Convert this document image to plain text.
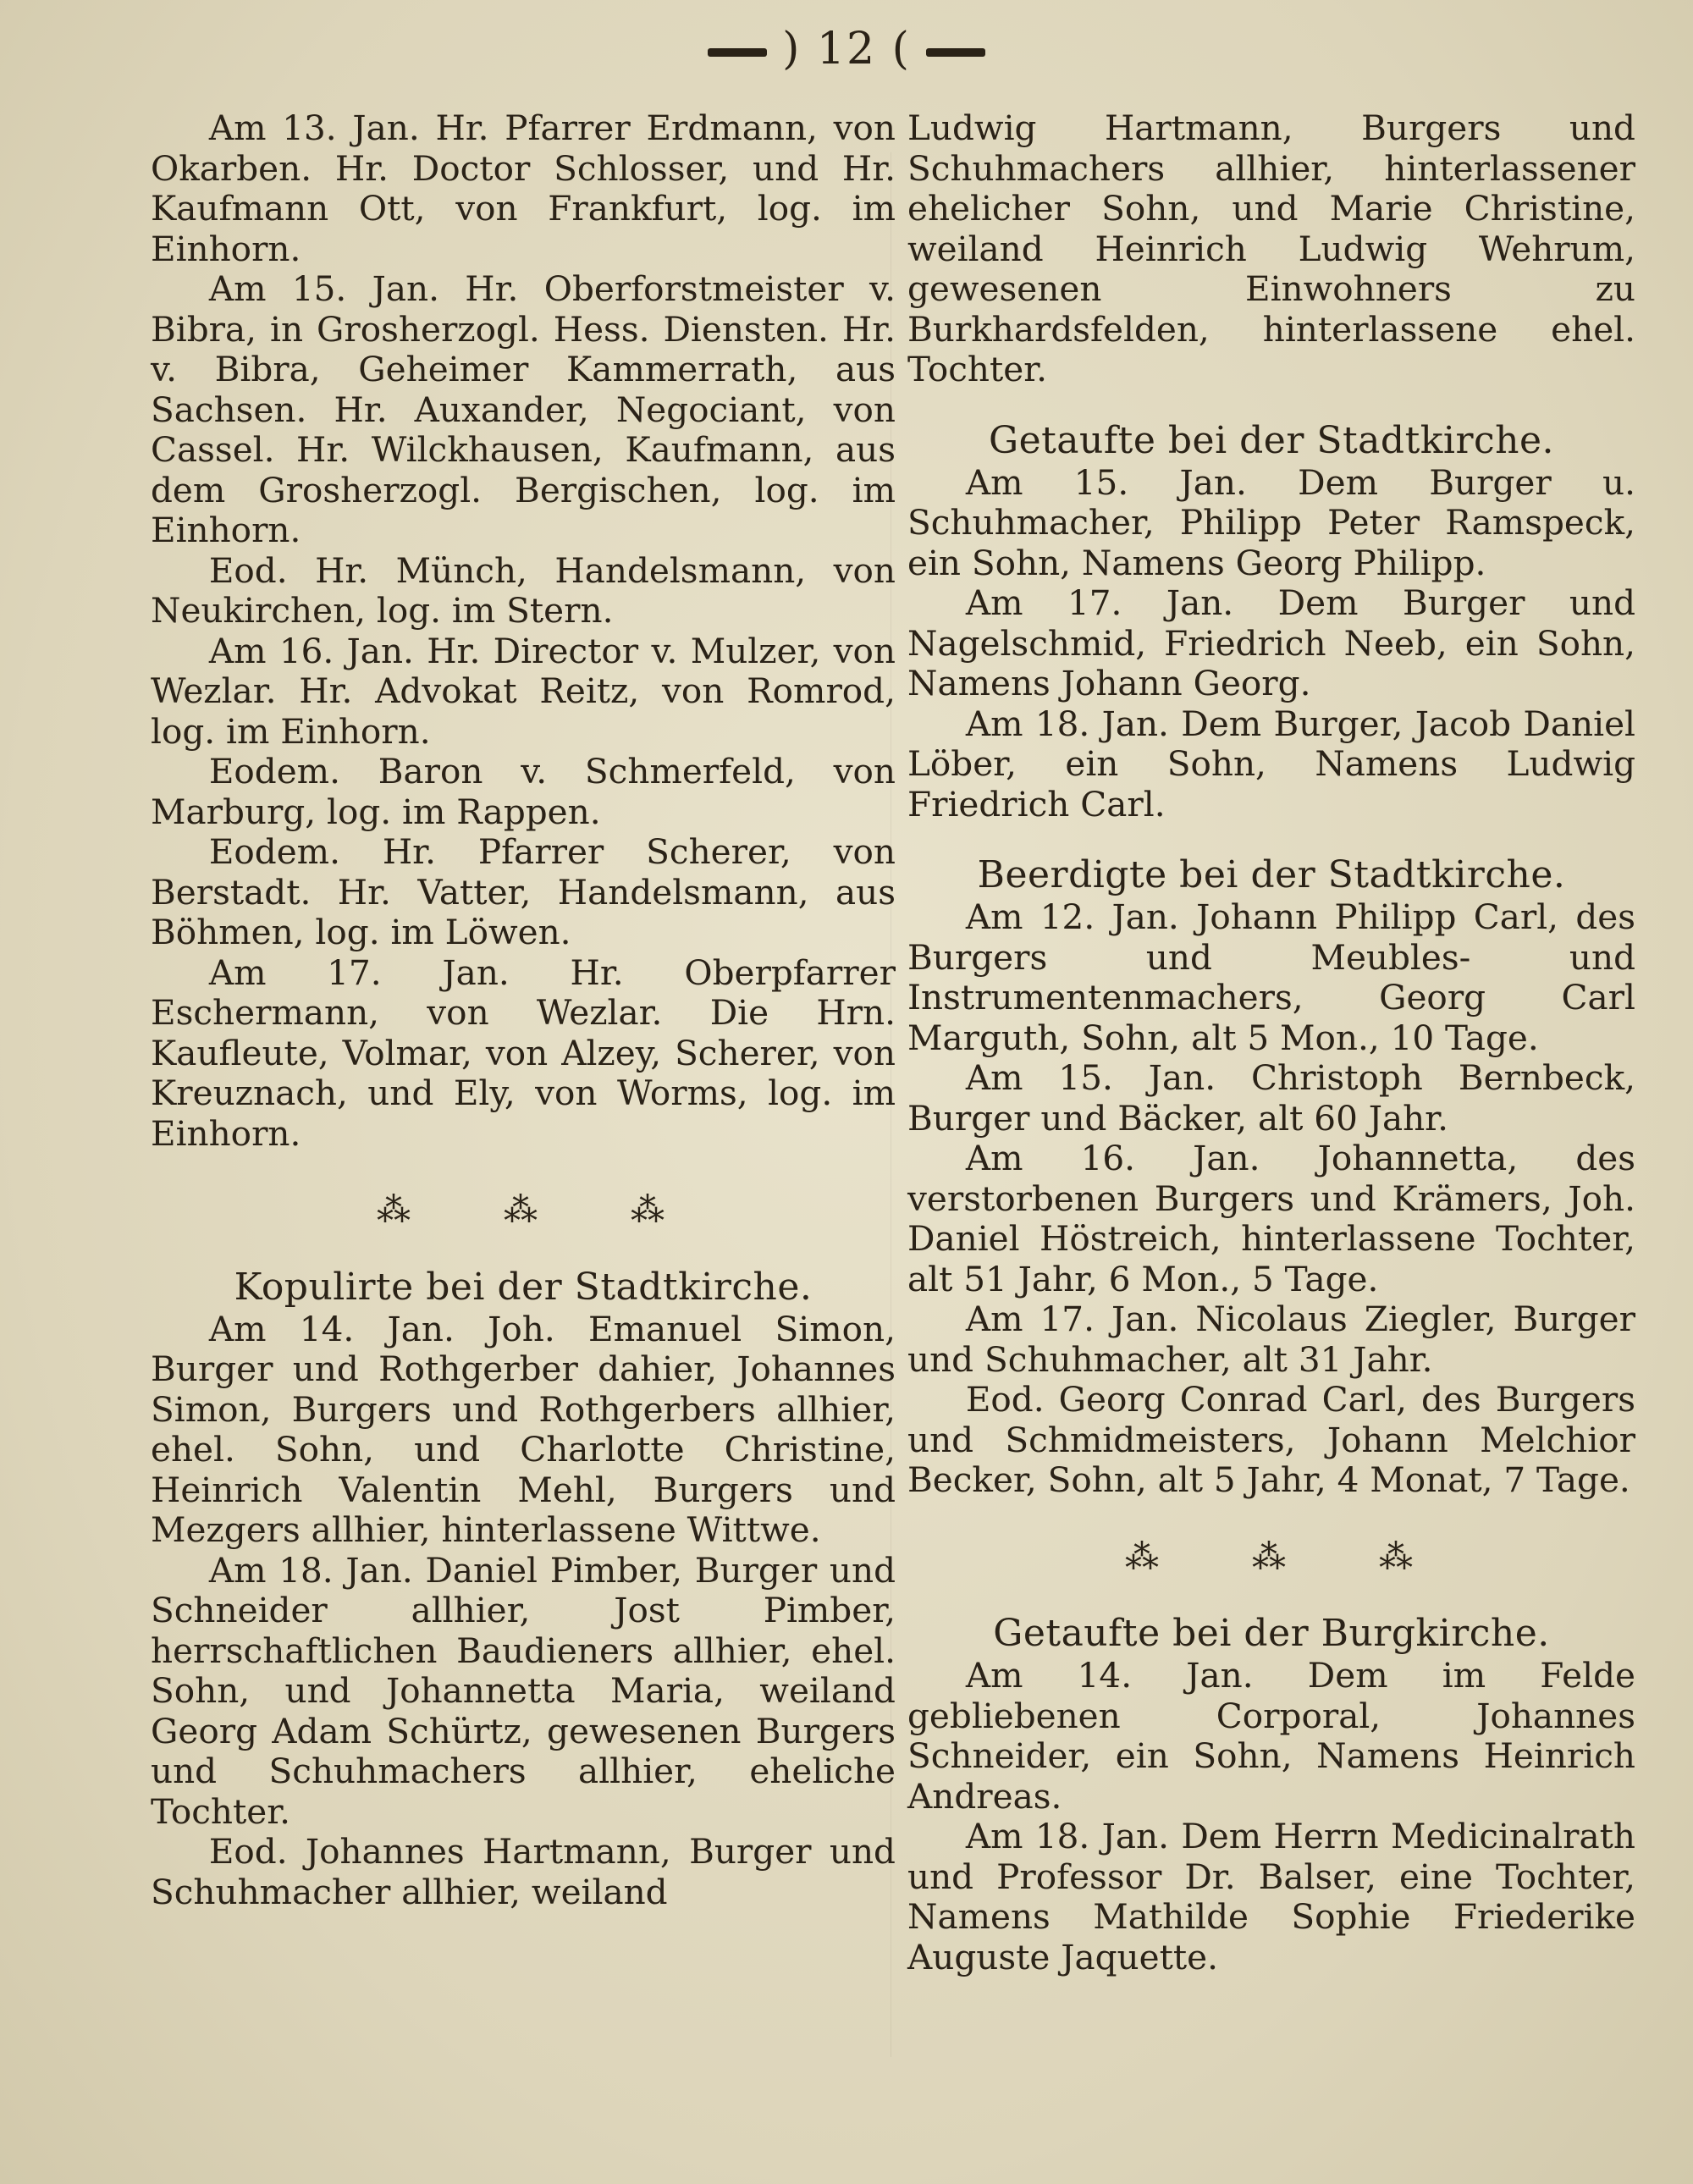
) 12 (

Am 13. Jan. Hr. Pfarrer Erdmann, von Okarben. Hr. Doctor Schlosser, und Hr. Kaufmann Ott, von Frankfurt, log. im Einhorn.

Am 15. Jan. Hr. Oberforstmeister v. Bibra, in Grosherzogl. Hess. Diensten. Hr. v. Bibra, Geheimer Kammerrath, aus Sachsen. Hr. Auxander, Negociant, von Cassel. Hr. Wilckhausen, Kaufmann, aus dem Grosherzogl. Bergischen, log. im Einhorn.

Eod. Hr. Münch, Handelsmann, von Neukirchen, log. im Stern.

Am 16. Jan. Hr. Director v. Mulzer, von Wezlar. Hr. Advokat Reitz, von Romrod, log. im Einhorn.

Eodem. Baron v. Schmerfeld, von Marburg, log. im Rappen.

Eodem. Hr. Pfarrer Scherer, von Berstadt. Hr. Vatter, Handelsmann, aus Böhmen, log. im Löwen.

Am 17. Jan. Hr. Oberpfarrer Eschermann, von Wezlar. Die Hrn. Kaufleute, Volmar, von Alzey, Scherer, von Kreuznach, und Ely, von Worms, log. im Einhorn.

⁂	⁂	⁂
Kopulirte bei der Stadtkirche.

Am 14. Jan. Joh. Emanuel Simon, Burger und Rothgerber dahier, Johannes Simon, Burgers und Rothgerbers allhier, ehel. Sohn, und Charlotte Christine, Heinrich Valentin Mehl, Burgers und Mezgers allhier, hinterlassene Wittwe.

Am 18. Jan. Daniel Pimber, Burger und Schneider allhier, Jost Pimber, herrschaftlichen Baudieners allhier, ehel. Sohn, und Johannetta Maria, weiland Georg Adam Schürtz, gewesenen Burgers und Schuhmachers allhier, eheliche Tochter.

Eod. Johannes Hartmann, Burger und Schuhmacher allhier, weiland

Ludwig Hartmann, Burgers und Schuhmachers allhier, hinterlassener ehelicher Sohn, und Marie Christine, weiland Heinrich Ludwig Wehrum, gewesenen Einwohners zu Burkhardsfelden, hinterlassene ehel. Tochter.

Getaufte bei der Stadtkirche.

Am 15. Jan. Dem Burger u. Schuhmacher, Philipp Peter Ramspeck, ein Sohn, Namens Georg Philipp.

Am 17. Jan. Dem Burger und Nagelschmid, Friedrich Neeb, ein Sohn, Namens Johann Georg.

Am 18. Jan. Dem Burger, Jacob Daniel Löber, ein Sohn, Namens Ludwig Friedrich Carl.

Beerdigte bei der Stadtkirche.

Am 12. Jan. Johann Philipp Carl, des Burgers und Meubles- und Instrumentenmachers, Georg Carl Marguth, Sohn, alt 5 Mon., 10 Tage.

Am 15. Jan. Christoph Bernbeck, Burger und Bäcker, alt 60 Jahr.

Am 16. Jan. Johannetta, des verstorbenen Burgers und Krämers, Joh. Daniel Höstreich, hinterlassene Tochter, alt 51 Jahr, 6 Mon., 5 Tage.

Am 17. Jan. Nicolaus Ziegler, Burger und Schuhmacher, alt 31 Jahr.

Eod. Georg Conrad Carl, des Burgers und Schmidmeisters, Johann Melchior Becker, Sohn, alt 5 Jahr, 4 Monat, 7 Tage.

⁂	⁂	⁂
Getaufte bei der Burgkirche.

Am 14. Jan. Dem im Felde gebliebenen Corporal, Johannes Schneider, ein Sohn, Namens Heinrich Andreas.

Am 18. Jan. Dem Herrn Medicinalrath und Professor Dr. Balser, eine Tochter, Namens Mathilde Sophie Friederike Auguste Jaquette.
